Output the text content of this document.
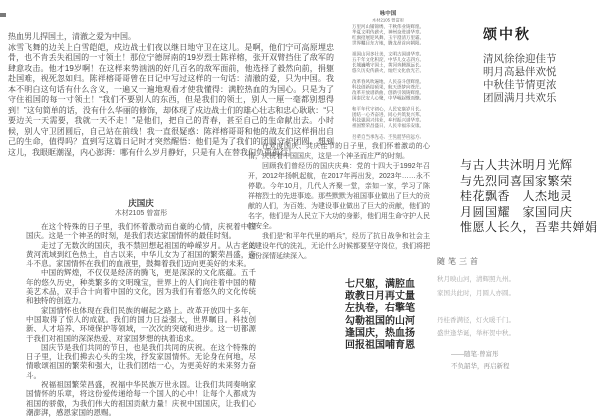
热血男儿捍国土，清澈之爱为中国。

冰雪飞舞的边关上白雪皑皑，戍边战士们夜以继日地守卫在这儿。是啊，他们宁可高原埋忠骨，也不肯丢失祖国的一寸领土！那位宁德屏南的19岁烈士陈祥榕，张开双臂挡住了敌军的肆意攻击。他才19岁啊！在这样来势汹汹的好几百名的敌军面前，他选择了毅然向前，捐躯赴国难，视死忽如归。陈祥榕哥哥曾在日记中写过这样的一句话：清澈的爱，只为中国。我本不明白这句话有什么含义，一遍又一遍地观看才使我懂得：满腔热血的为国心。只是为了守住祖国的每一寸领土！“我们不要别人的东西，但是我们的领土，别人一厘一毫都别想得到！”这句简单的话，没有什么华丽的修饰，却体现了戍边战士们的雄心壮志和忠心耿耿：“只要边关一天需要，我就一天不走！”是他们，把自己的青春，甚至自己的生命献出去。小时候，别人守卫团圆后，自己站在前线！我一直很疑惑：陈祥榕哥哥和他的战友们这样捐出自己的生命，值得吗？直到写这篇日记时才突然醒悟：他们是为了我们的团圆守护团圆。想到这儿，我眼眶潮湿，内心澎湃：哪有什么岁月静好，只是有人在替我们负重前行！

咏中国
木材2105 曾富彤
万里河山铺锦绣，千秋伟业铸辉煌。
华夏文明传薪火，神州奋进谱华章。
红旗招展迎风舞，玉宇澄清万里霜。
世界瞩目东方地，腾龙昂首向朝阳。

祖国山河多壮美，文明古国谱华章。
五千年文化积淀，中华儿女志四方。
长城巍峨守国土，黄河奔腾源远长。
悠久历史传薪火，灿烂文化放光芒。

改革春风吹遍地，人民奋斗创辉煌。
科技创新结硕果，航天逐梦向苍茫。
改革开放谱新曲，创新引领铸辉煌。
国泰民安人心聚，中华崛起慨而慷。

和平年代守初心，人民安康岁月长。
团结一心齐奋进，同心共筑复兴邦。
科技强国兴伟业，乡村振兴谱华章。
祖国繁荣昌盛日，人民幸福乐安康。

吾辈自当承先志，不负韶华向远方。
颂中秋
清风徐徐迎佳节
明月高悬伴欢悦
中秋佳节情更浓
团圆满月共欢乐

在欢度国庆、共庆佳节的日子里，我们怀着激动的心情，庆祝着中国国庆，这是一个神圣而庄严的时刻。

回顾我们曾经历的国庆庆典：党的十四大于1992年召开，2012年扬帆起航，在2017年再出发，2023年……永不停歇。今年10月，几代人齐聚一堂，亲如一家，学习了陈祥榕烈士的先进事迹。那些默默为祖国事业做出了巨大的贡献的人们，为百姓、为建设事业做出了巨大的贡献，他们的名字，他们是为人民立下大功的身影，他们用生命守护人民的安全。

我们是“和平年代里的哨兵”，经历了抗日战争和社会主义建设年代的洗礼，无论什么时候都要坚守岗位，我们将把这份深情延续深入。

庆国庆
木材2105 曾富彤

在这个特殊的日子里，我们怀着激动而自豪的心情，庆祝着中国国庆。这是一个神圣的时刻，是我们表达家国情怀的最佳时刻。

走过了无数次的国庆，我不禁回想起祖国的峥嵘岁月。从古老的黄河流域到红色热土，自古以来，中华儿女为了祖国的繁荣昌盛，奋斗不息。家国情怀在我们的血液里，鼓舞着我们迈向更美好的未来。

中国的辉煌，不仅仅是经济的腾飞，更是深深的文化底蕴。五千年的悠久历史，种类繁多的文明瑰宝，世界上的人们向往着中国的精美艺术品，双手合十向着中国的文化，因为我们有着悠久的文化传统和独特的创造力。

家国情怀也体现在我们民族的崛起之路上。改革开放四十多年，中国取得了惊人的成就。我们的国力日益强大，世界瞩目。科技创新、人才培养、环境保护等领域，一次次的突破和进步。这一切都源于我们对祖国的深深热爱、对家国梦想的执着追求。

国庆节是我们共同的节日，也是我们共同的庆祝。在这个特殊的日子里，让我们拂去心头的尘埃，抒发家国情怀。无论身在何地，尽情歌颂祖国的繁荣和强大，让我们团结一心，为更美好的未来努力奋斗。

祝福祖国繁荣昌盛，祝福中华民族万世永固。让我们共同奏响家国情怀的乐章，将这份爱传递给每一个国人的心中！让每个人都成为祖国的骄傲，为我们伟大的祖国贡献力量！庆祝中国国庆，让我们心潮澎湃，感恩家国的恩赐。

与古人共沐明月光辉
与先烈同喜国家繁荣
桂花飘香　人杰地灵
月圆国耀　家国同庆
惟愿人长久，吾辈共婵娟
七尺躯，满腔血
敢教日月再丈量
左执卷，右擎笔
勾勒祖国的山河
逢国庆，热血扬
回报祖国哺育恩
随笔三首
秋月映山河，清辉照九州。
家国共此时，月圆人亦圆。

丹桂香满径，灯火暖千门。
盛世逢华诞，举杯贺中秋。
——随笔·曾富彤
不负韶华，再启新程
